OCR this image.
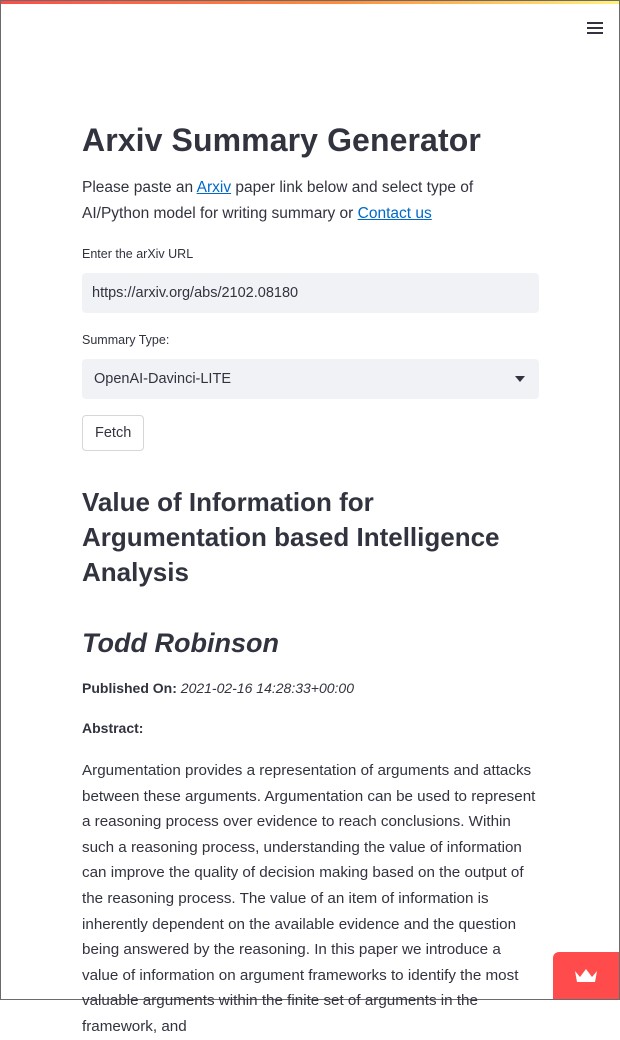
Arxiv Summary Generator
Please paste an Arxiv paper link below and select type of AI/Python model for writing summary or Contact us
Enter the arXiv URL
https://arxiv.org/abs/2102.08180
Summary Type:
OpenAI-Davinci-LITE
Fetch
Value of Information for Argumentation based Intelligence Analysis
Todd Robinson
Published On: 2021-02-16 14:28:33+00:00
Abstract:
Argumentation provides a representation of arguments and attacks between these arguments. Argumentation can be used to represent a reasoning process over evidence to reach conclusions. Within such a reasoning process, understanding the value of information can improve the quality of decision making based on the output of the reasoning process. The value of an item of information is inherently dependent on the available evidence and the question being answered by the reasoning. In this paper we introduce a value of information on argument frameworks to identify the most valuable arguments within the finite set of arguments in the framework, and
